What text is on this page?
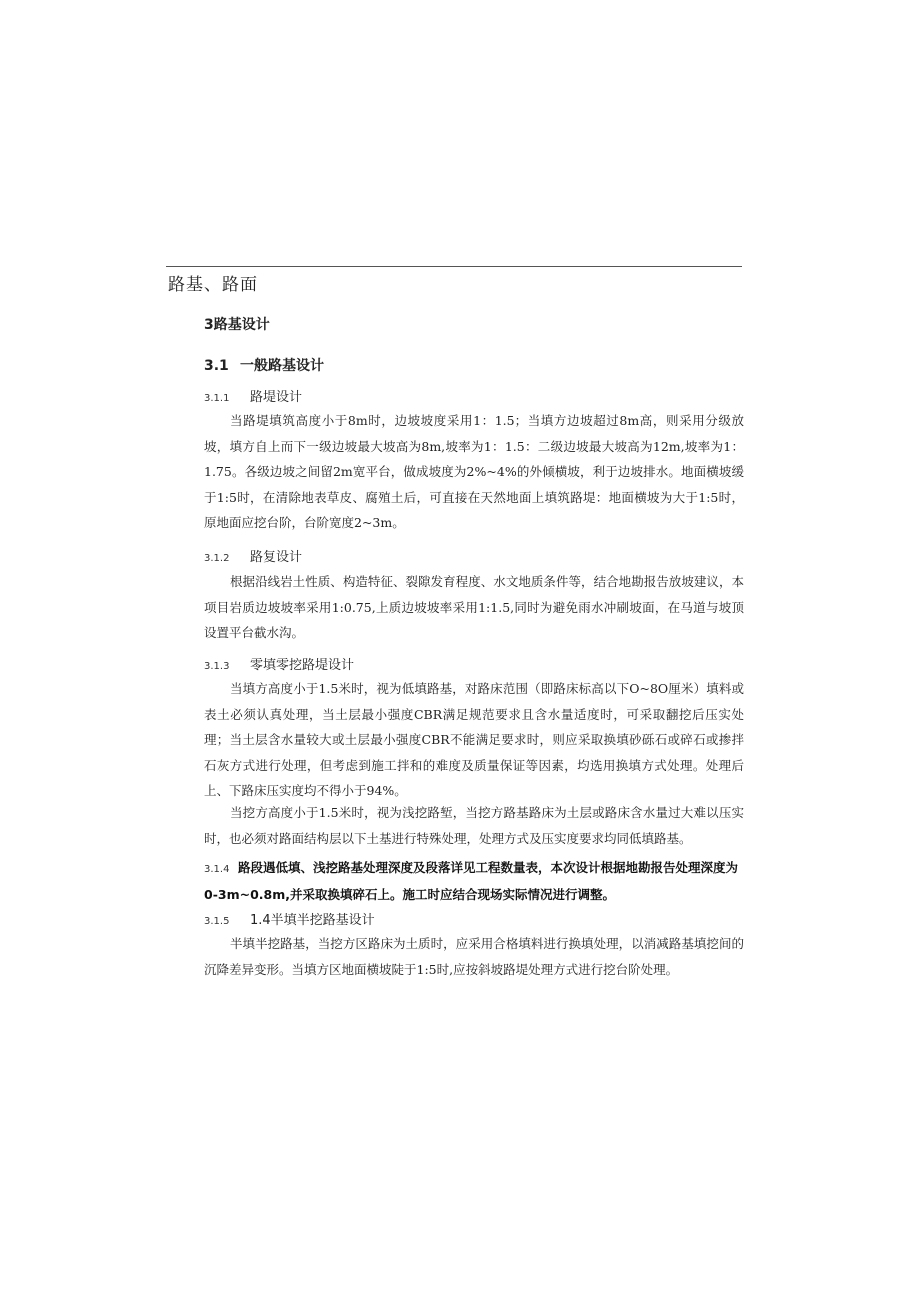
路基、路面
3路基设计
3.1 一般路基设计
3.1.1 路堤设计
当路堤填筑高度小于8m时，边坡坡度采用1：1.5；当填方边坡超过8m高，则采用分级放坡，填方自上而下一级边坡最大坡高为8m,坡率为1：1.5：二级边坡最大坡高为12m,坡率为1：1.75。各级边坡之间留2m宽平台，做成坡度为2%~4%的外倾横坡，利于边坡排水。地面横坡缓于1:5时，在清除地表草皮、腐殖土后，可直接在天然地面上填筑路堤：地面横坡为大于1:5时，原地面应挖台阶，台阶宽度2~3m。
3.1.2 路复设计
根据沿线岩土性质、构造特征、裂隙发育程度、水文地质条件等，结合地勘报告放坡建议，本项目岩质边坡坡率采用1:0.75,上质边坡坡率采用1:1.5,同时为避免雨水冲刷坡面，在马道与坡顶设置平台截水沟。
3.1.3 零填零挖路堤设计
当填方高度小于1.5米时，视为低填路基，对路床范围（即路床标高以下O~8O厘米）填料或表土必须认真处理，当土层最小强度CBR满足规范要求且含水量适度时，可采取翻挖后压实处理；当土层含水量较大或土层最小强度CBR不能满足要求时，则应采取换填砂砾石或碎石或掺拌石灰方式进行处理，但考虑到施工拌和的难度及质量保证等因素，均选用换填方式处理。处理后上、下路床压实度均不得小于94%。
当挖方高度小于1.5米时，视为浅挖路堑，当挖方路基路床为土层或路床含水量过大难以压实时，也必须对路面结构层以下土基进行特殊处理，处理方式及压实度要求均同低填路基。
3.1.4 路段遇低填、浅挖路基处理深度及段落详见工程数量表，本次设计根据地勘报告处理深度为0-3m~0.8m,并采取换填碎石上。施工时应结合现场实际情况进行调整。
3.1.5 1.4半填半挖路基设计
半填半挖路基，当挖方区路床为土质时，应采用合格填料进行换填处理，以消减路基填挖间的沉降差异变形。当填方区地面横坡陡于1:5时,应按斜坡路堤处理方式进行挖台阶处理。
